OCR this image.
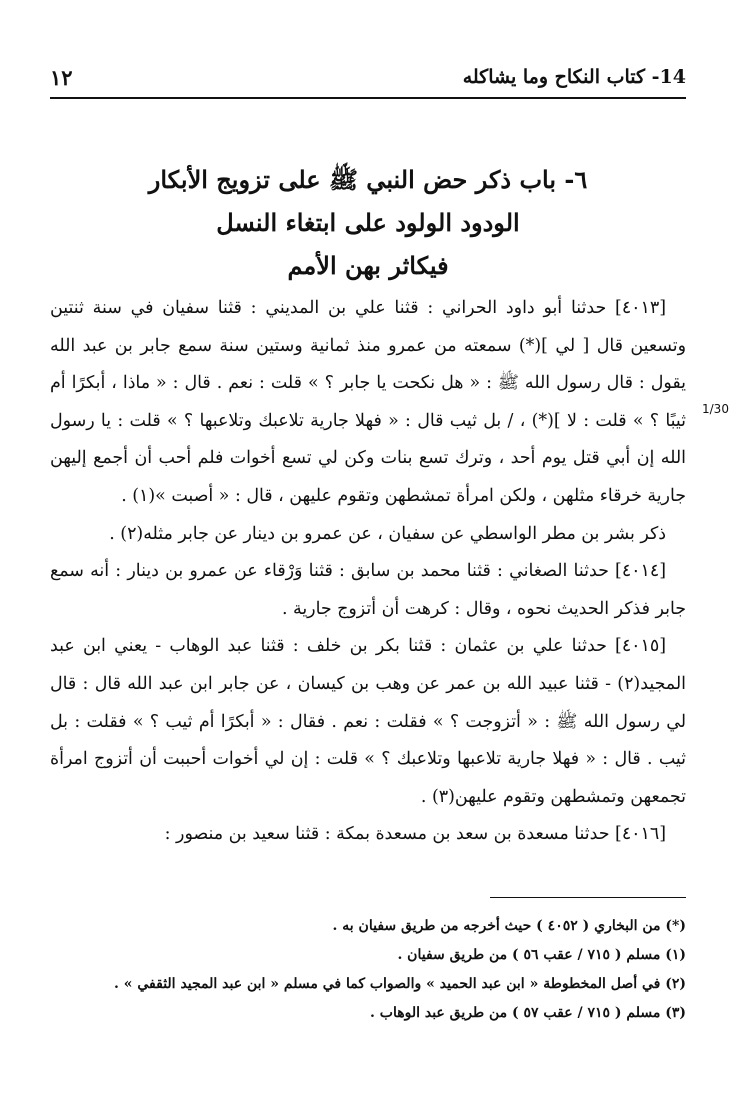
١٢	14- كتاب النكاح وما يشاكله
٦- باب ذكر حض النبي ﷺ على تزويج الأبكار
الودود الولود على ابتغاء النسل
فيكاثر بهن الأمم
1/30

[٤٠١٣] حدثنا أبو داود الحراني : قثنا علي بن المديني : قثنا سفيان في سنة ثنتين وتسعين قال [ لي ](*) سمعته من عمرو منذ ثمانية وستين سنة سمع جابر بن عبد الله يقول : قال رسول الله ﷺ : « هل نكحت يا جابر ؟ » قلت : نعم . قال : « ماذا ، أبكرًا أم ثيبًا ؟ » قلت : لا ](*) ، / بل ثيب قال : « فهلا جارية تلاعبك وتلاعبها ؟ » قلت : يا رسول الله إن أبي قتل يوم أحد ، وترك تسع بنات وكن لي تسع أخوات فلم أحب أن أجمع إليهن جارية خرقاء مثلهن ، ولكن امرأة تمشطهن وتقوم عليهن ، قال : « أصبت »(١) .

ذكر بشر بن مطر الواسطي عن سفيان ، عن عمرو بن دينار عن جابر مثله(٢) .

[٤٠١٤] حدثنا الصغاني : قثنا محمد بن سابق : قثنا وَرْقاء عن عمرو بن دينار : أنه سمع جابر فذكر الحديث نحوه ، وقال : كرهت أن أتزوج جارية .

[٤٠١٥] حدثنا علي بن عثمان : قثنا بكر بن خلف : قثنا عبد الوهاب - يعني ابن عبد المجيد(٢) - قثنا عبيد الله بن عمر عن وهب بن كيسان ، عن جابر ابن عبد الله قال : قال لي رسول الله ﷺ : « أتزوجت ؟ » فقلت : نعم . فقال : « أبكرًا أم ثيب ؟ » فقلت : بل ثيب . قال : « فهلا جارية تلاعبها وتلاعبك ؟ » قلت : إن لي أخوات أحببت أن أتزوج امرأة تجمعهن وتمشطهن وتقوم عليهن(٣) .

[٤٠١٦] حدثنا مسعدة بن سعد بن مسعدة بمكة : قثنا سعيد بن منصور :

(*) من البخاري ( ٤٠٥٢ ) حيث أخرجه من طريق سفيان به .
(١) مسلم ( ٧١٥ / عقب ٥٦ ) من طريق سفيان .
(٢) في أصل المخطوطة « ابن عبد الحميد » والصواب كما في مسلم « ابن عبد المجيد الثقفي » .
(٣) مسلم ( ٧١٥ / عقب ٥٧ ) من طريق عبد الوهاب .
